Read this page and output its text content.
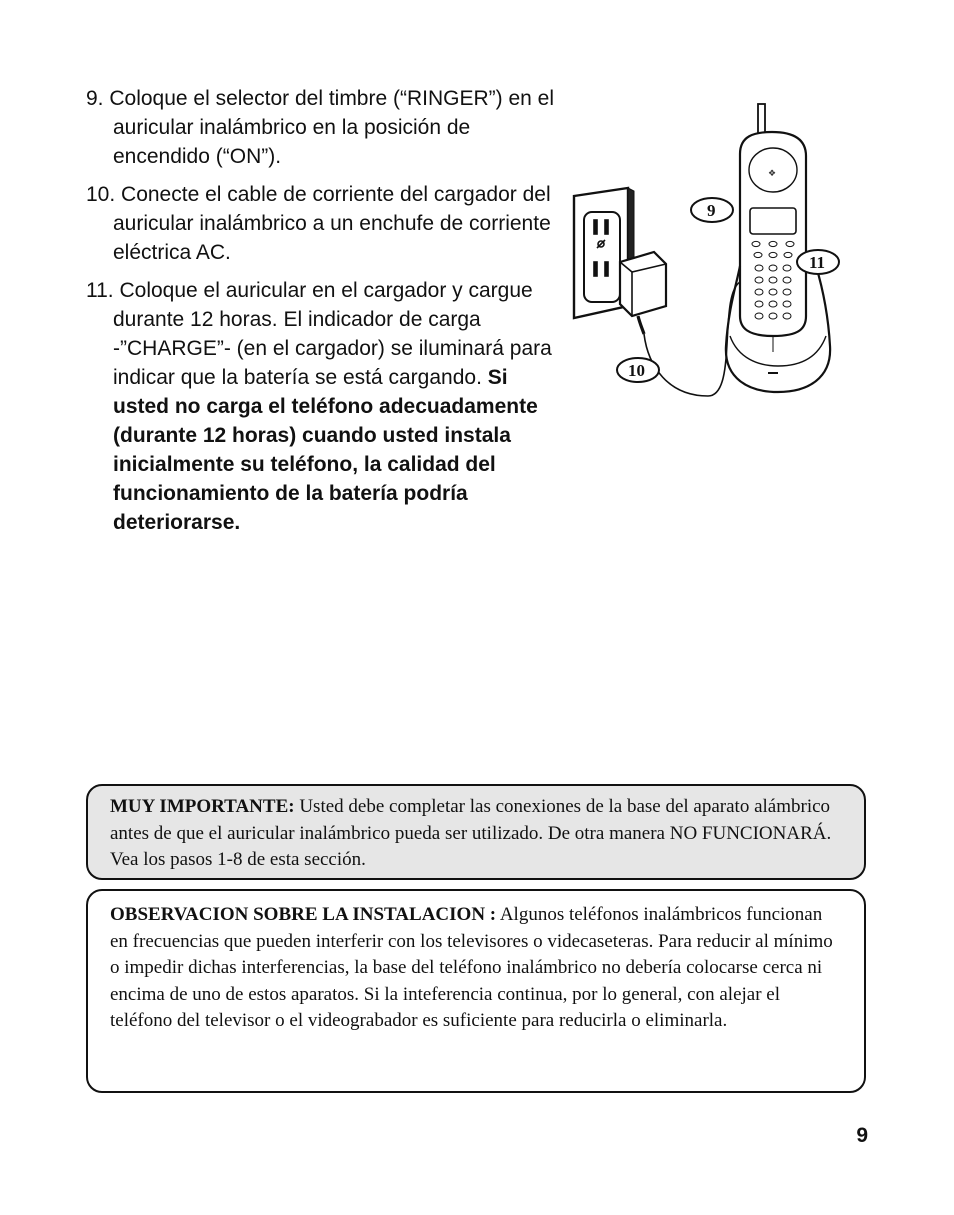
9. Coloque el selector del timbre (“RINGER”) en el auricular inalámbrico en la posición de encendido (“ON”).
10. Conecte el cable de corriente del cargador del auricular inalámbrico a un enchufe de corriente eléctrica AC.
11. Coloque el auricular en el cargador y cargue durante 12 horas. El indicador de carga -”CHARGE”- (en el cargador) se iluminará para indicar que la batería se está cargando. Si usted no carga el teléfono adecuadamente (durante 12 horas) cuando usted instala inicialmente su teléfono, la calidad del funcionamiento de la batería podría deteriorarse.
❖
9
11
10
MUY IMPORTANTE: Usted debe completar las conexiones de la base del aparato alámbrico antes de que el auricular inalámbrico pueda ser utilizado. De otra manera NO FUNCIONARÁ. Vea los pasos 1-8 de esta sección.
OBSERVACION SOBRE LA INSTALACION : Algunos teléfonos inalámbricos funcionan en frecuencias que pueden interferir con los televisores o videcaseteras. Para reducir al mínimo o impedir dichas interferencias, la base del teléfono inalámbrico no debería colocarse cerca ni encima de uno de estos aparatos. Si la inteferencia continua, por lo general, con alejar el teléfono del televisor o el videograbador es suficiente para reducirla o eliminarla.
9
